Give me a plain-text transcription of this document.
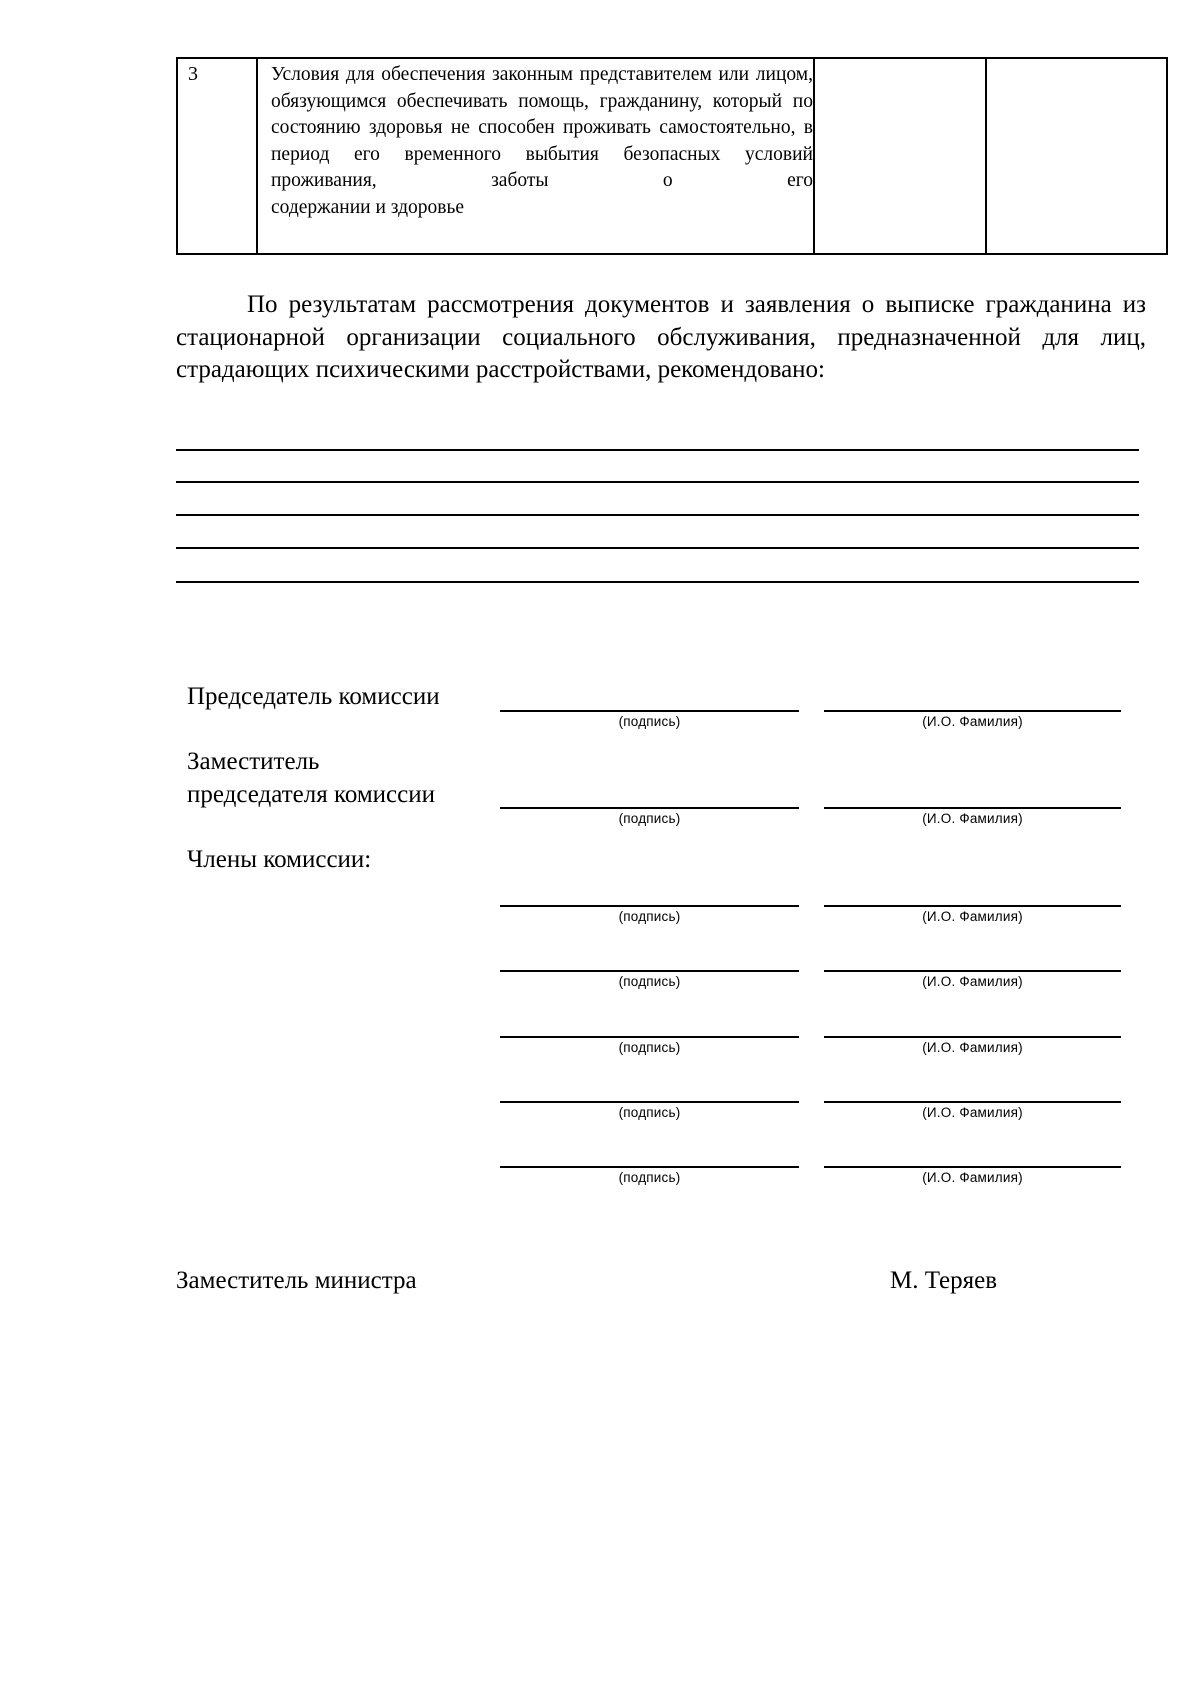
3	Условия для обеспечения законным представителем или лицом, обязующимся обеспечивать помощь, гражданину, который по состоянию здоровья не способен проживать самостоятельно, в период его временного выбытия безопасных условий проживания, заботы о его
содержании и здоровье

По результатам рассмотрения документов и заявления о выписке гражданина из стационарной организации социального обслуживания, предназначенной для лиц, страдающих психическими расстройствами, рекомендовано:
Председатель комиссии
Заместитель
председателя комиссии
Члены комиссии:
(подпись)	(И.О. Фамилия)
(подпись)	(И.О. Фамилия)
(подпись)	(И.О. Фамилия)
(подпись)	(И.О. Фамилия)
(подпись)	(И.О. Фамилия)
(подпись)	(И.О. Фамилия)
(подпись)	(И.О. Фамилия)
Заместитель министра	М. Теряев
